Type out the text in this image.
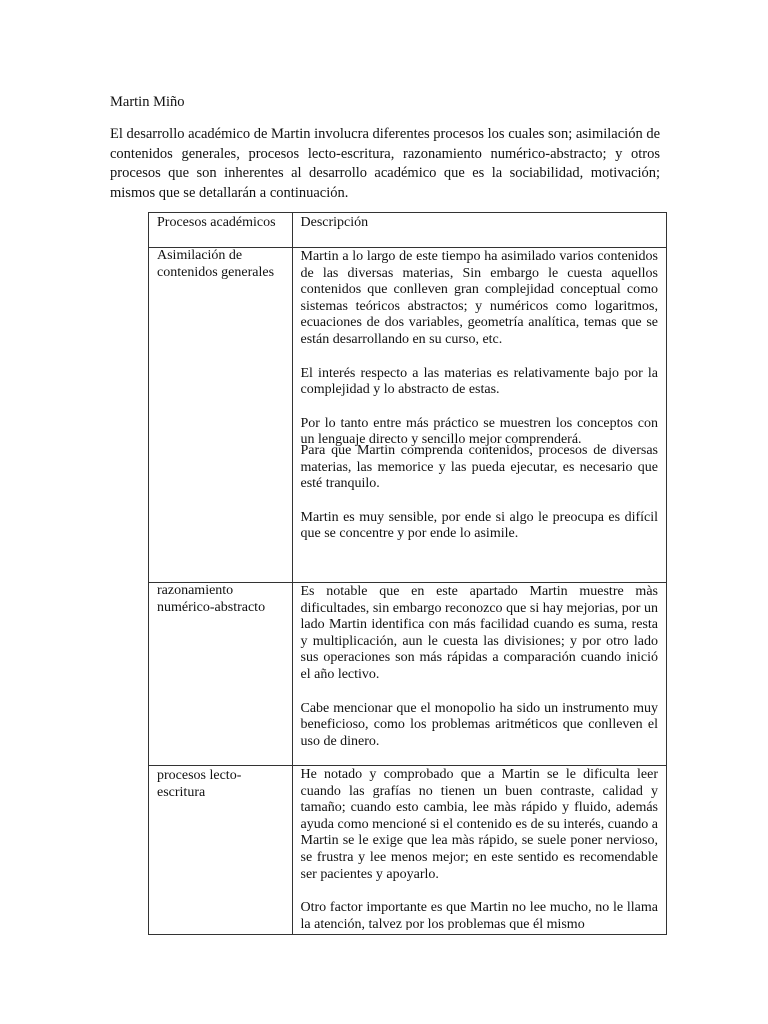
Martin Miño
El desarrollo académico de Martin involucra diferentes procesos los cuales son; asimilación de contenidos generales, procesos lecto-escritura, razonamiento numérico-abstracto; y otros procesos que son inherentes al desarrollo académico que es la sociabilidad, motivación; mismos que se detallarán a continuación.
Procesos académicos	Descripción

Asimilación de contenidos generales	Martin a lo largo de este tiempo ha asimilado varios contenidos de las diversas materias, Sin embargo le cuesta aquellos contenidos que conlleven gran complejidad conceptual como sistemas teóricos abstractos; y numéricos como logaritmos, ecuaciones de dos variables, geometría analítica, temas que se están desarrollando en su curso, etc.

El interés respecto a las materias es relativamente bajo por la complejidad y lo abstracto de estas.

Por lo tanto entre más práctico se muestren los conceptos con un lenguaje directo y sencillo mejor comprenderá.

Para que Martin comprenda contenidos, procesos de diversas materias, las memorice y las pueda ejecutar, es necesario que esté tranquilo.

Martin es muy sensible, por ende si algo le preocupa es difícil que se concentre y por ende lo asimile.

razonamiento numérico-abstracto	Es notable que en este apartado Martin muestre màs dificultades, sin embargo reconozco que si hay mejorias, por un lado Martin identifica con más facilidad cuando es suma, resta y multiplicación, aun le cuesta las divisiones; y por otro lado sus operaciones son más rápidas a comparación cuando inició el año lectivo.

Cabe mencionar que el monopolio ha sido un instrumento muy beneficioso, como los problemas aritméticos que conlleven el uso de dinero.

procesos lecto-escritura	He notado y comprobado que a Martin se le dificulta leer cuando las grafías no tienen un buen contraste, calidad y tamaño; cuando esto cambia, lee màs rápido y fluido, además ayuda como mencioné si el contenido es de su interés, cuando a Martin se le exige que lea màs rápido, se suele poner nervioso, se frustra y lee menos mejor; en este sentido es recomendable ser pacientes y apoyarlo.

Otro factor importante es que Martin no lee mucho, no le llama la atención, talvez por los problemas que él mismo
